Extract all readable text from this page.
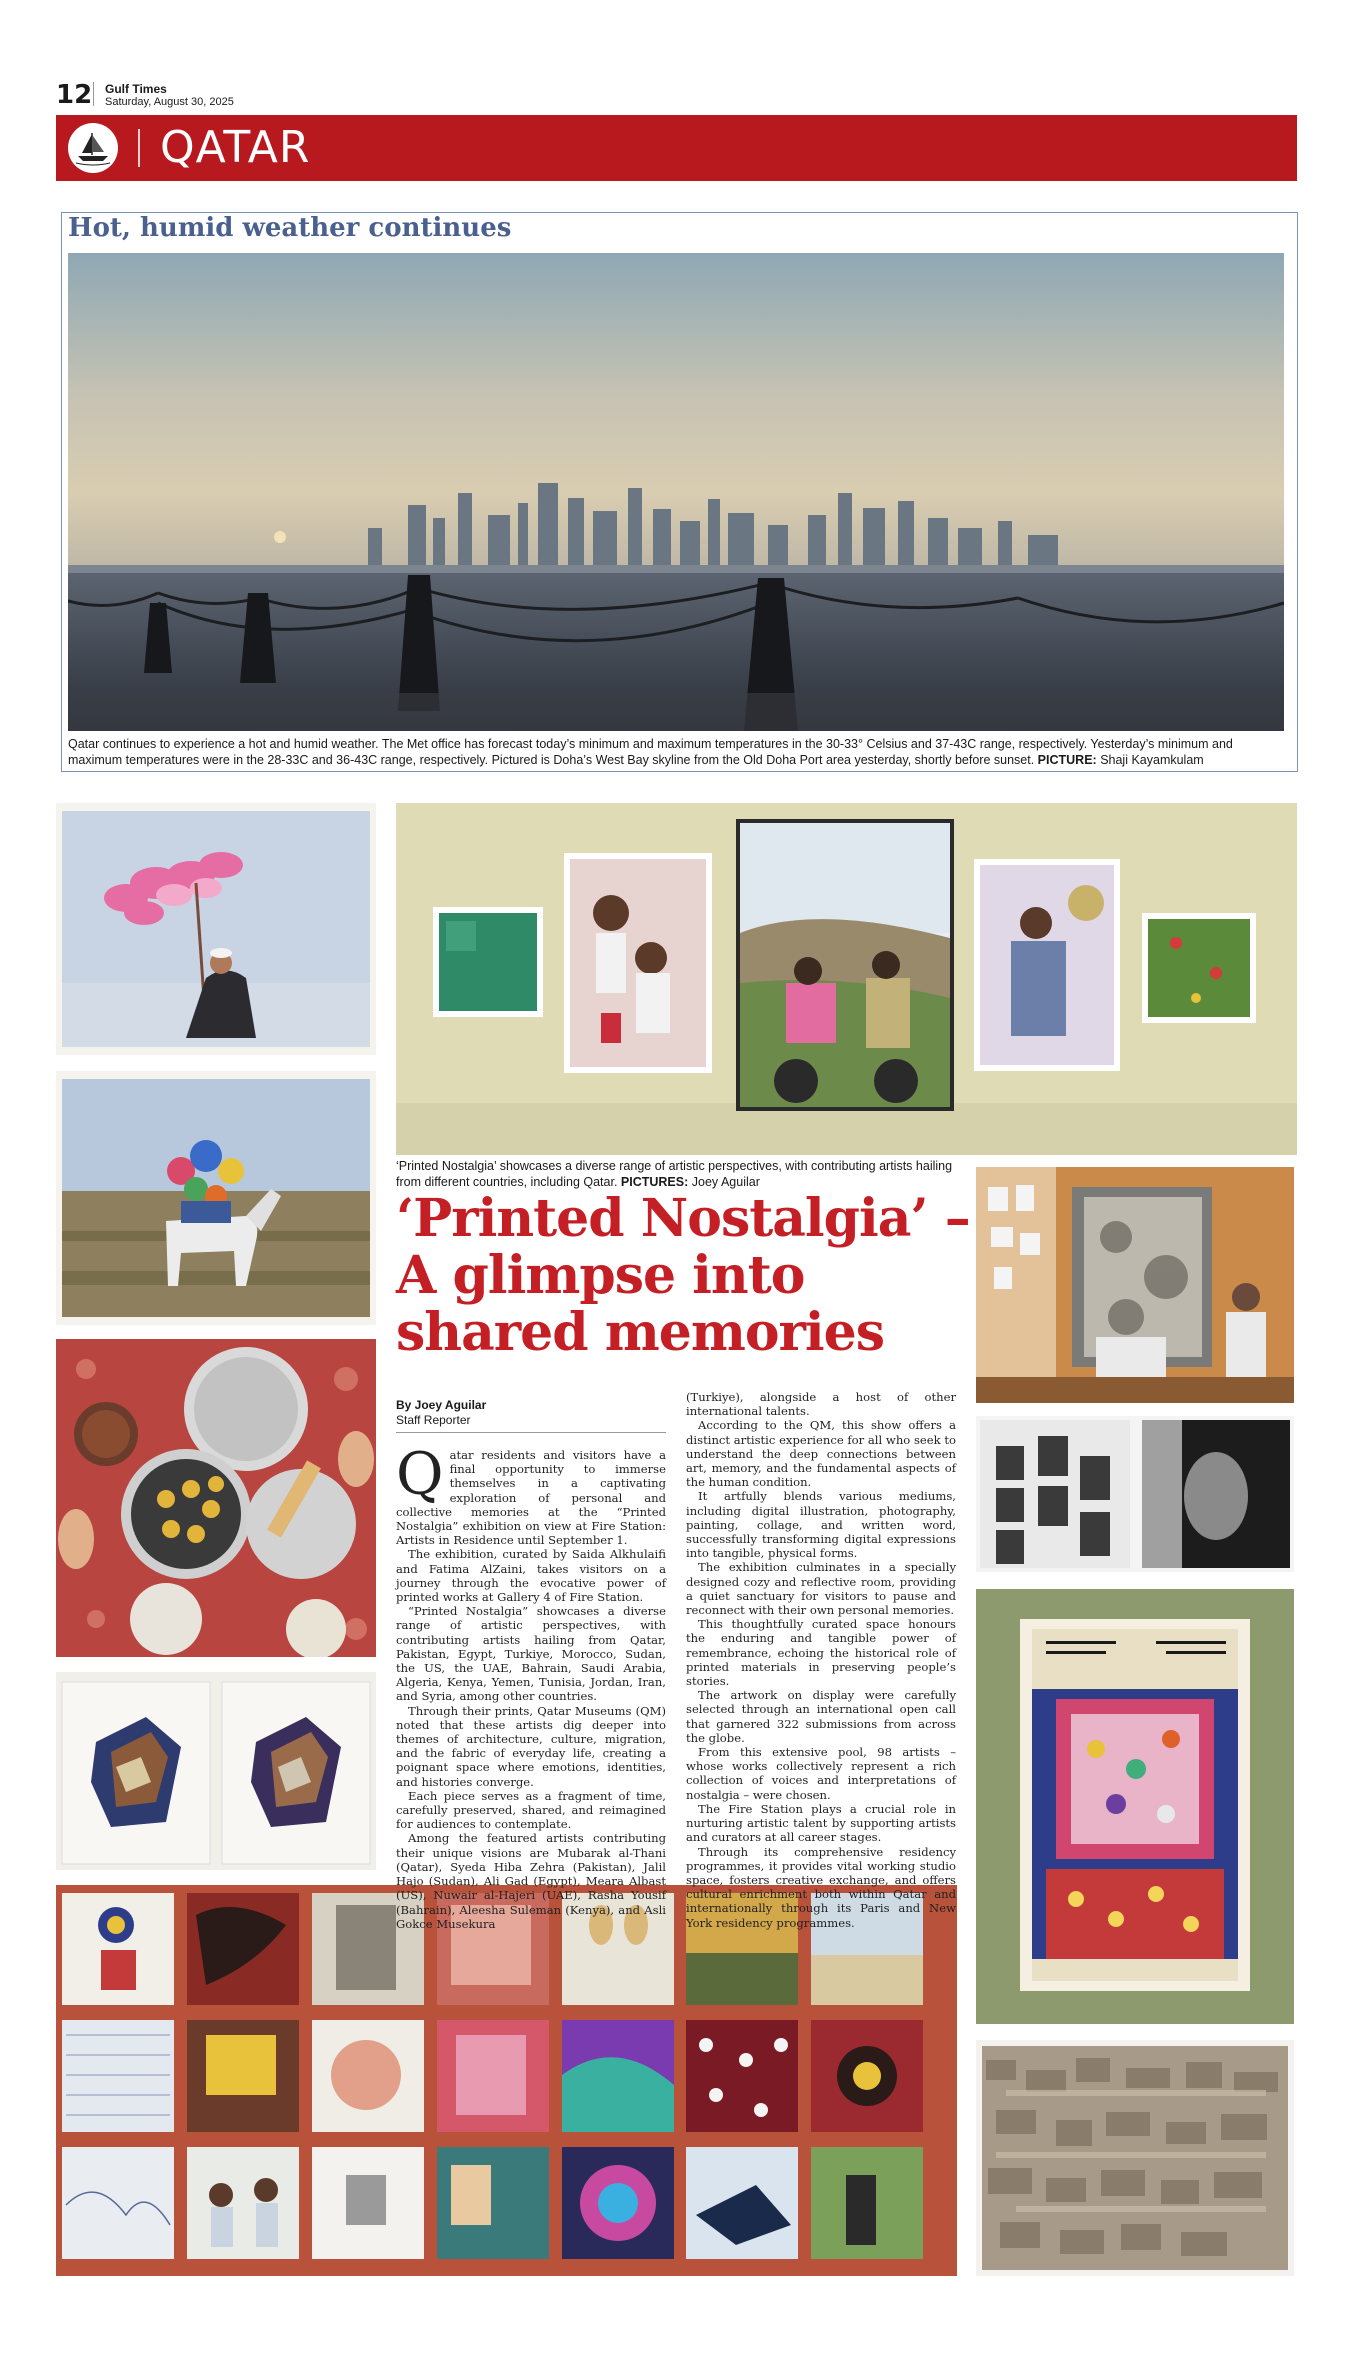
12 Gulf Times
Saturday, August 30, 2025
QATAR
Hot, humid weather continues
Qatar continues to experience a hot and humid weather. The Met office has forecast today’s minimum and maximum temperatures in the 30-33° Celsius and 37-43C range, respectively. Yesterday’s minimum and maximum temperatures were in the 28-33C and 36-43C range, respectively. Pictured is Doha’s West Bay skyline from the Old Doha Port area yesterday, shortly before sunset. PICTURE: Shaji Kayamkulam
‘Printed Nostalgia’ showcases a diverse range of artistic perspectives, with contributing artists hailing from different countries, including Qatar. PICTURES: Joey Aguilar
‘Printed Nostalgia’ – A glimpse into shared memories
By Joey Aguilar
Staff Reporter

Qatar residents and visitors have a final opportunity to immerse themselves in a captivating exploration of personal and collective memories at the “Printed Nostalgia” exhibition on view at Fire Station: Artists in Residence until September 1.

The exhibition, curated by Saida Alkhulaifi and Fatima AlZaini, takes visitors on a journey through the evocative power of printed works at Gallery 4 of Fire Station.

“Printed Nostalgia” showcases a diverse range of artistic perspectives, with contributing artists hailing from Qatar, Pakistan, Egypt, Turkiye, Morocco, Sudan, the US, the UAE, Bahrain, Saudi Arabia, Algeria, Kenya, Yemen, Tunisia, Jordan, Iran, and Syria, among other countries.

Through their prints, Qatar Museums (QM) noted that these artists dig deeper into themes of architecture, culture, migration, and the fabric of everyday life, creating a poignant space where emotions, identities, and histories converge.

Each piece serves as a fragment of time, carefully preserved, shared, and reimagined for audiences to contemplate.

Among the featured artists contributing their unique visions are Mubarak al-Thani (Qatar), Syeda Hiba Zehra (Pakistan), Jalil Hajo (Sudan), Ali Gad (Egypt), Meara Albast (US), Nuwair al-Hajeri (UAE), Rasha Yousif (Bahrain), Aleesha Suleman (Kenya), and Asli Gokce Musekura

(Turkiye), alongside a host of other international talents.

According to the QM, this show offers a distinct artistic experience for all who seek to understand the deep connections between art, memory, and the fundamental aspects of the human condition.

It artfully blends various mediums, including digital illustration, photography, painting, collage, and written word, successfully transforming digital expressions into tangible, physical forms.

The exhibition culminates in a specially designed cozy and reflective room, providing a quiet sanctuary for visitors to pause and reconnect with their own personal memories.

This thoughtfully curated space honours the enduring and tangible power of remembrance, echoing the historical role of printed materials in preserving people’s stories.

The artwork on display were carefully selected through an international open call that garnered 322 submissions from across the globe.

From this extensive pool, 98 artists – whose works collectively represent a rich collection of voices and interpretations of nostalgia – were chosen.

The Fire Station plays a crucial role in nurturing artistic talent by supporting artists and curators at all career stages.

Through its comprehensive residency programmes, it provides vital working studio space, fosters creative exchange, and offers cultural enrichment both within Qatar and internationally through its Paris and New York residency programmes.
